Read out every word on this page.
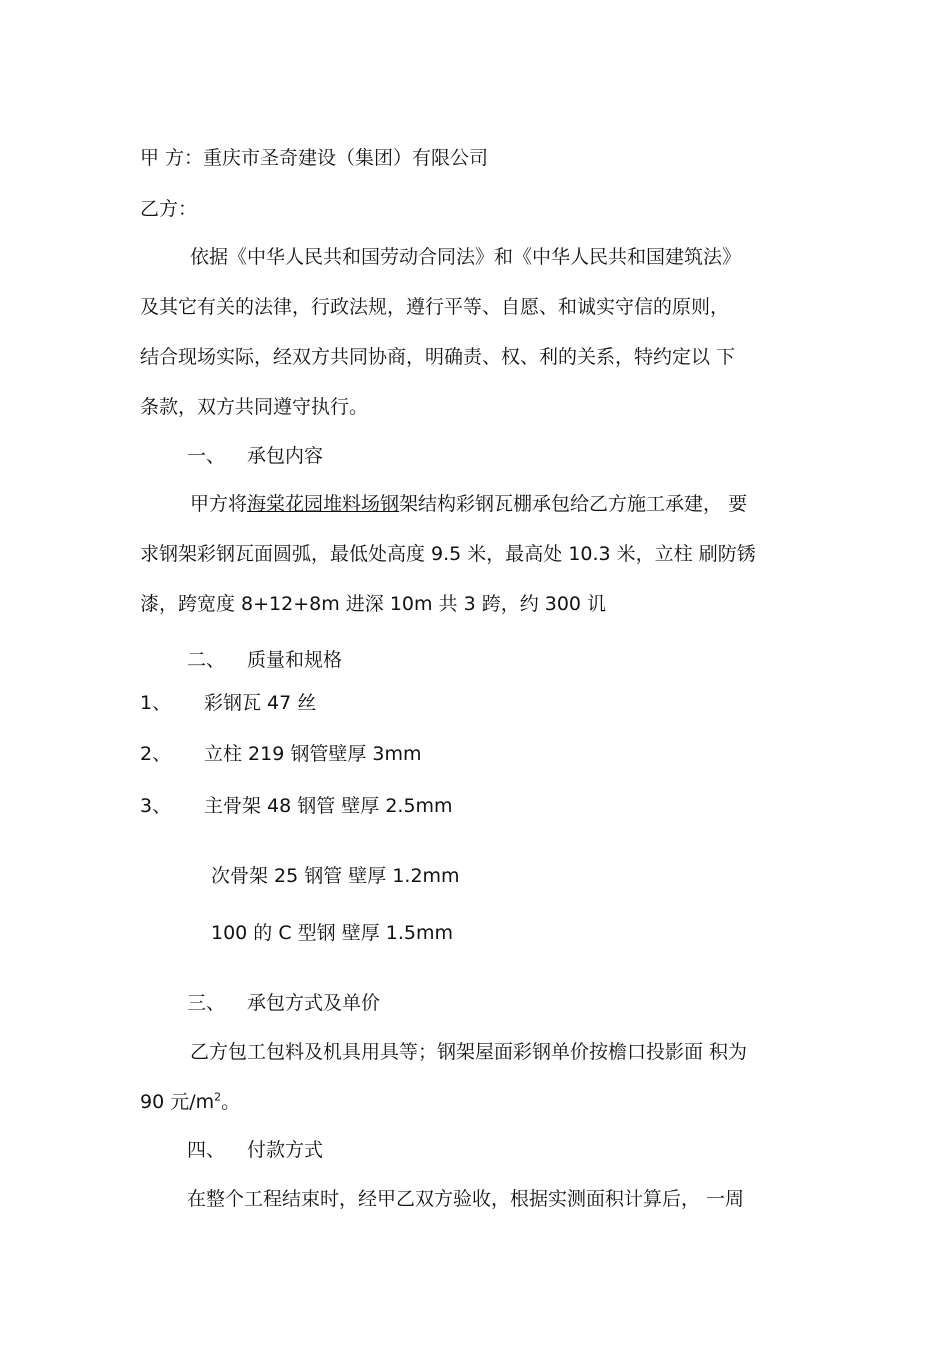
甲 方：重庆市圣奇建设（集团）有限公司
乙方：
依据《中华人民共和国劳动合同法》和《中华人民共和国建筑法》
及其它有关的法律，行政法规，遵行平等、自愿、和诚实守信的原则，
结合现场实际，经双方共同协商，明确责、权、利的关系，特约定以 下
条款，双方共同遵守执行。
一、 承包内容
甲方将海棠花园堆料场钢架结构彩钢瓦棚承包给乙方施工承建， 要
求钢架彩钢瓦面圆弧，最低处高度 9.5 米，最高处 10.3 米，立柱 刷防锈
漆，跨宽度 8+12+8m 进深 10m 共 3 跨，约 300 讥
二、 质量和规格
1、 彩钢瓦 47 丝
2、 立柱 219 钢管壁厚 3mm
3、 主骨架 48 钢管 壁厚 2.5mm
次骨架 25 钢管 壁厚 1.2mm
100 的 C 型钢 壁厚 1.5mm
三、 承包方式及单价
乙方包工包料及机具用具等；钢架屋面彩钢单价按檐口投影面 积为
90 元$/m^2$。
四、 付款方式
在整个工程结束时，经甲乙双方验收，根据实测面积计算后， 一周
